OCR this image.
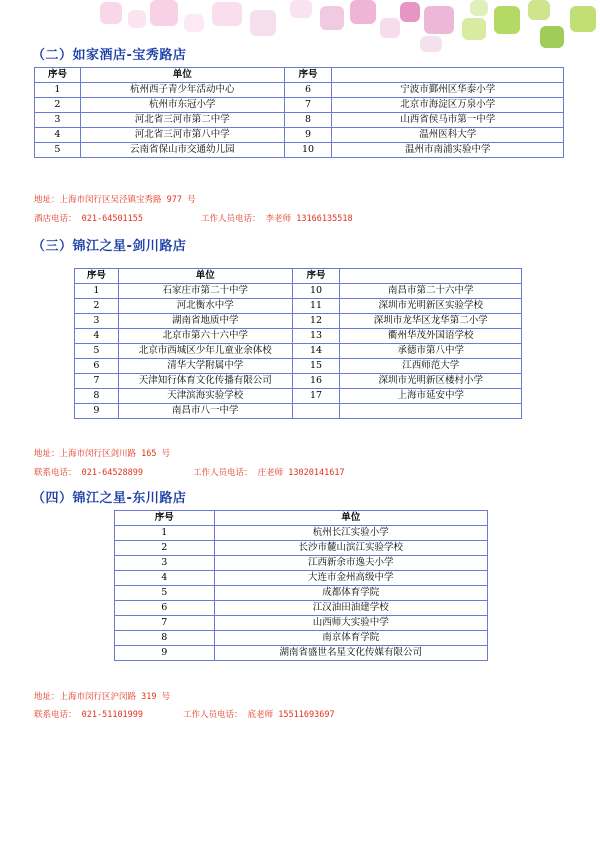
（二）如家酒店-宝秀路店
序号	单位	序号	
1	杭州西子青少年活动中心	6	宁波市鄞州区华泰小学
2	杭州市东冠小学	7	北京市海淀区万泉小学
3	河北省三河市第二中学	8	山西省侯马市第一中学
4	河北省三河市第八中学	9	温州医科大学
5	云南省保山市交通幼儿园	10	温州市南浦实验中学
地址：上海市闵行区吴泾镇宝秀路 977 号
酒店电话： 021-64501155	工作人员电话： 李老师 13166135518
（三）锦江之星-剑川路店
序号	单位	序号	
1	石家庄市第二十中学	10	南昌市第二十六中学
2	河北衡水中学	11	深圳市光明新区实验学校
3	湖南省地质中学	12	深圳市龙华区龙华第二小学
4	北京市第六十六中学	13	衢州华茂外国语学校
5	北京市西城区少年儿童业余体校	14	承德市第八中学
6	清华大学附属中学	15	江西师范大学
7	天津知行体育文化传播有限公司	16	深圳市光明新区楼村小学
8	天津滨海实验学校	17	上海市延安中学
9	南昌市八一中学		
地址：上海市闵行区剑川路 165 号
联系电话： 021-64528899	工作人员电话： 庄老师 13020141617
（四）锦江之星-东川路店
序号	单位
1	杭州长江实验小学
2	长沙市麓山滨江实验学校
3	江西新余市逸夫小学
4	大连市金州高级中学
5	成都体育学院
6	江汉油田油建学校
7	山西师大实验中学
8	南京体育学院
9	湖南省盛世名星文化传媒有限公司
地址：上海市闵行区沪闵路 319 号
联系电话： 021-51101999	工作人员电话： 底老师 15511693697
